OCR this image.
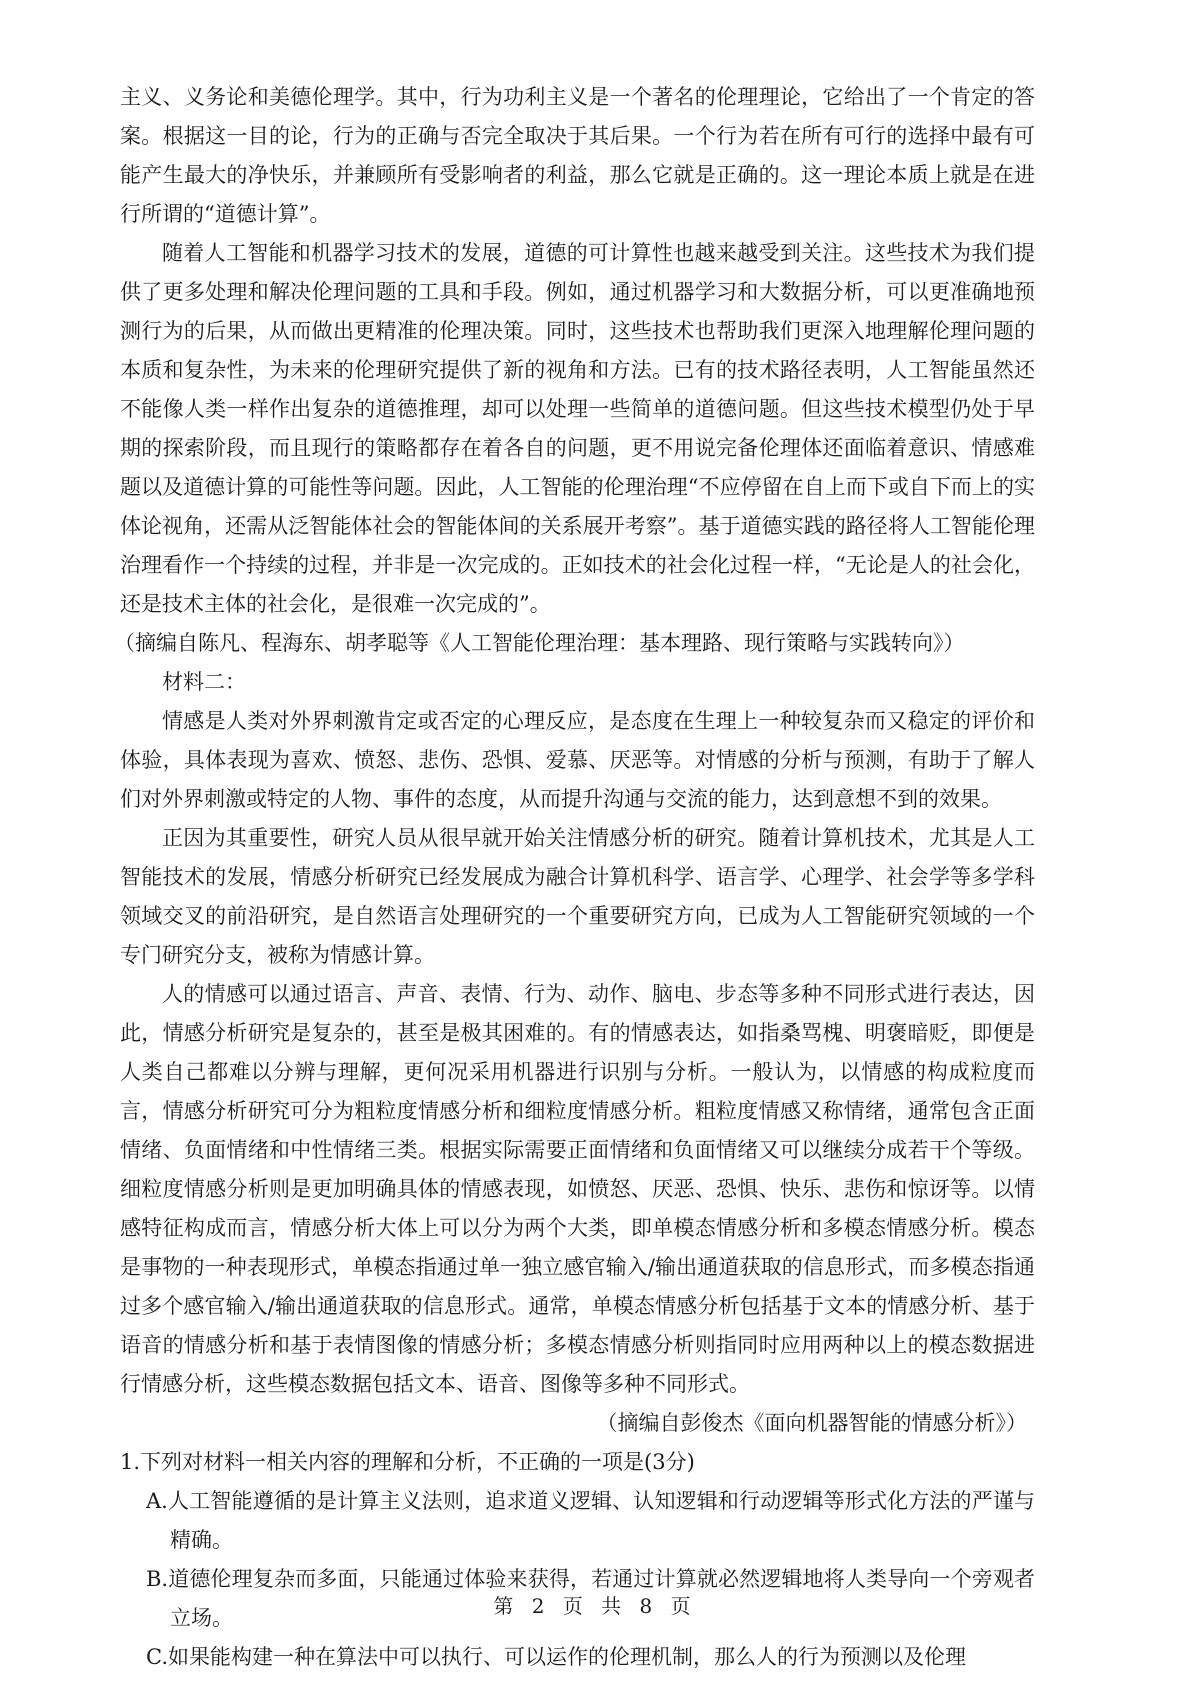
主义、义务论和美德伦理学。其中，行为功利主义是一个著名的伦理理论，它给出了一个肯定的答案。根据这一目的论，行为的正确与否完全取决于其后果。一个行为若在所有可行的选择中最有可能产生最大的净快乐，并兼顾所有受影响者的利益，那么它就是正确的。这一理论本质上就是在进行所谓的“道德计算”。

随着人工智能和机器学习技术的发展，道德的可计算性也越来越受到关注。这些技术为我们提供了更多处理和解决伦理问题的工具和手段。例如，通过机器学习和大数据分析，可以更准确地预测行为的后果，从而做出更精准的伦理决策。同时，这些技术也帮助我们更深入地理解伦理问题的本质和复杂性，为未来的伦理研究提供了新的视角和方法。已有的技术路径表明，人工智能虽然还不能像人类一样作出复杂的道德推理，却可以处理一些简单的道德问题。但这些技术模型仍处于早期的探索阶段，而且现行的策略都存在着各自的问题，更不用说完备伦理体还面临着意识、情感难题以及道德计算的可能性等问题。因此，人工智能的伦理治理“不应停留在自上而下或自下而上的实体论视角，还需从泛智能体社会的智能体间的关系展开考察”。基于道德实践的路径将人工智能伦理治理看作一个持续的过程，并非是一次完成的。正如技术的社会化过程一样，“无论是人的社会化，还是技术主体的社会化，是很难一次完成的”。

（摘编自陈凡、程海东、胡孝聪等《人工智能伦理治理：基本理路、现行策略与实践转向》）

材料二：

情感是人类对外界刺激肯定或否定的心理反应，是态度在生理上一种较复杂而又稳定的评价和体验，具体表现为喜欢、愤怒、悲伤、恐惧、爱慕、厌恶等。对情感的分析与预测，有助于了解人们对外界刺激或特定的人物、事件的态度，从而提升沟通与交流的能力，达到意想不到的效果。

正因为其重要性，研究人员从很早就开始关注情感分析的研究。随着计算机技术，尤其是人工智能技术的发展，情感分析研究已经发展成为融合计算机科学、语言学、心理学、社会学等多学科领域交叉的前沿研究，是自然语言处理研究的一个重要研究方向，已成为人工智能研究领域的一个专门研究分支，被称为情感计算。

人的情感可以通过语言、声音、表情、行为、动作、脑电、步态等多种不同形式进行表达，因此，情感分析研究是复杂的，甚至是极其困难的。有的情感表达，如指桑骂槐、明褒暗贬，即便是人类自己都难以分辨与理解，更何况采用机器进行识别与分析。一般认为，以情感的构成粒度而言，情感分析研究可分为粗粒度情感分析和细粒度情感分析。粗粒度情感又称情绪，通常包含正面情绪、负面情绪和中性情绪三类。根据实际需要正面情绪和负面情绪又可以继续分成若干个等级。细粒度情感分析则是更加明确具体的情感表现，如愤怒、厌恶、恐惧、快乐、悲伤和惊讶等。以情感特征构成而言，情感分析大体上可以分为两个大类，即单模态情感分析和多模态情感分析。模态是事物的一种表现形式，单模态指通过单一独立感官输入/输出通道获取的信息形式，而多模态指通过多个感官输入/输出通道获取的信息形式。通常，单模态情感分析包括基于文本的情感分析、基于语音的情感分析和基于表情图像的情感分析；多模态情感分析则指同时应用两种以上的模态数据进行情感分析，这些模态数据包括文本、语音、图像等多种不同形式。

（摘编自彭俊杰《面向机器智能的情感分析》）

1.下列对材料一相关内容的理解和分析，不正确的一项是(3分)

A.人工智能遵循的是计算主义法则，追求道义逻辑、认知逻辑和行动逻辑等形式化方法的严谨与精确。

B.道德伦理复杂而多面，只能通过体验来获得，若通过计算就必然逻辑地将人类导向一个旁观者立场。

C.如果能构建一种在算法中可以执行、可以运作的伦理机制，那么人的行为预测以及伦理

第 2 页 共 8 页
